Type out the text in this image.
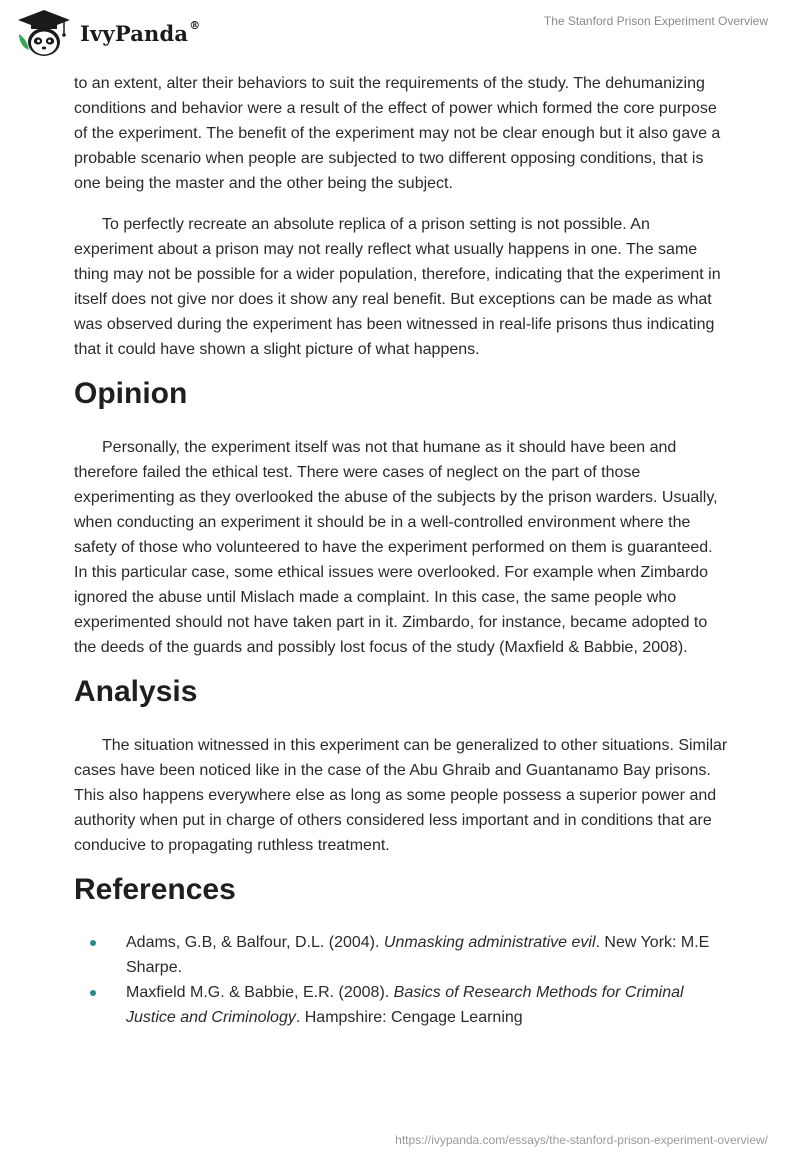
IvyPanda®	The Stanford Prison Experiment Overview

to an extent, alter their behaviors to suit the requirements of the study. The dehumanizing conditions and behavior were a result of the effect of power which formed the core purpose of the experiment. The benefit of the experiment may not be clear enough but it also gave a probable scenario when people are subjected to two different opposing conditions, that is one being the master and the other being the subject.

To perfectly recreate an absolute replica of a prison setting is not possible. An experiment about a prison may not really reflect what usually happens in one. The same thing may not be possible for a wider population, therefore, indicating that the experiment in itself does not give nor does it show any real benefit. But exceptions can be made as what was observed during the experiment has been witnessed in real-life prisons thus indicating that it could have shown a slight picture of what happens.

Opinion

Personally, the experiment itself was not that humane as it should have been and therefore failed the ethical test. There were cases of neglect on the part of those experimenting as they overlooked the abuse of the subjects by the prison warders. Usually, when conducting an experiment it should be in a well-controlled environment where the safety of those who volunteered to have the experiment performed on them is guaranteed. In this particular case, some ethical issues were overlooked. For example when Zimbardo ignored the abuse until Mislach made a complaint. In this case, the same people who experimented should not have taken part in it. Zimbardo, for instance, became adopted to the deeds of the guards and possibly lost focus of the study (Maxfield & Babbie, 2008).

Analysis

The situation witnessed in this experiment can be generalized to other situations. Similar cases have been noticed like in the case of the Abu Ghraib and Guantanamo Bay prisons. This also happens everywhere else as long as some people possess a superior power and authority when put in charge of others considered less important and in conditions that are conducive to propagating ruthless treatment.

References
Adams, G.B, & Balfour, D.L. (2004). Unmasking administrative evil. New York: M.E Sharpe.
Maxfield M.G. & Babbie, E.R. (2008). Basics of Research Methods for Criminal Justice and Criminology. Hampshire: Cengage Learning
https://ivypanda.com/essays/the-stanford-prison-experiment-overview/
